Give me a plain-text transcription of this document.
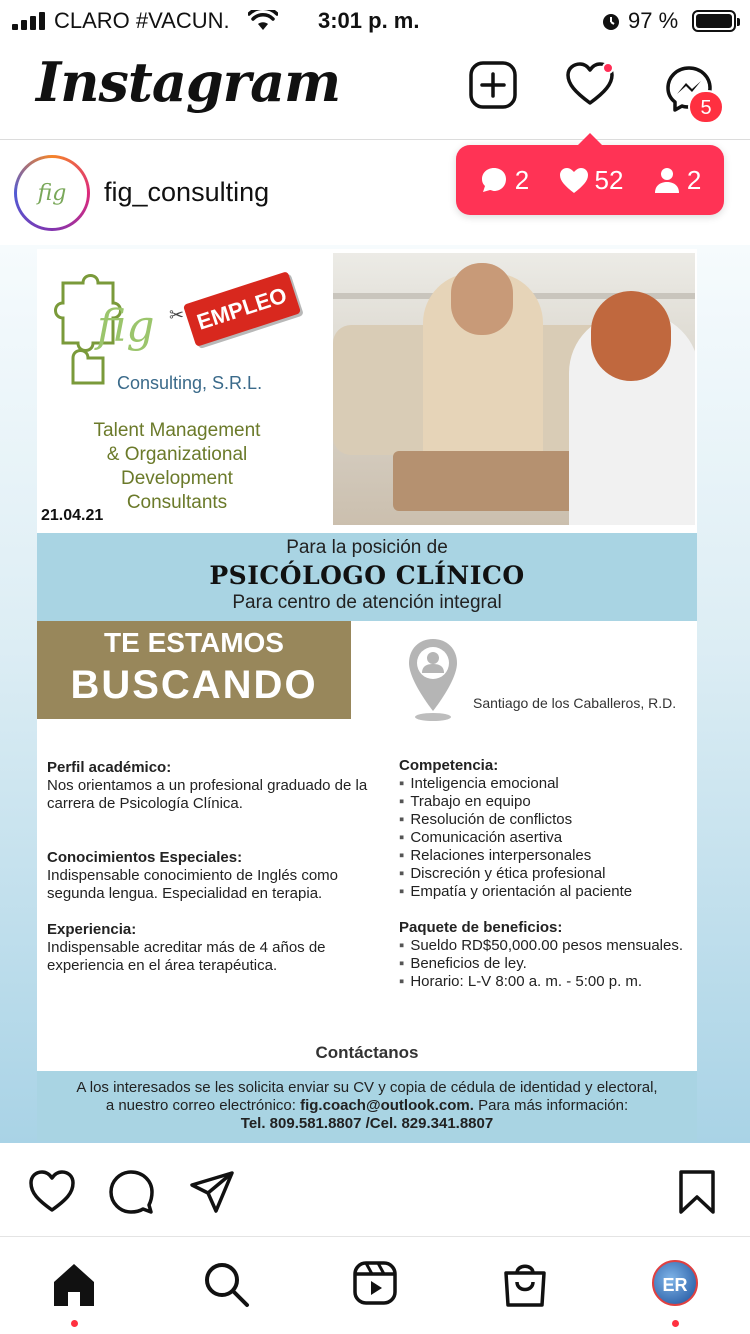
CLARO #VACUN.	3:01 p. m.	97 %
Instagram	5
fig	fig_consulting	2	52 2
fig
Consulting, S.R.L.
✂ EMPLEO
Talent Management
& Organizational
Development
Consultants
21.04.21
Para la posición de
PSICÓLOGO CLÍNICO
Para centro de atención integral
TE ESTAMOS
BUSCANDO	Santiago de los Caballeros, R.D.
Perfil académico:
Nos orientamos a un profesional graduado de la carrera de Psicología Clínica.
Conocimientos Especiales:
Indispensable conocimiento de Inglés como segunda lengua. Especialidad en terapia.
Experiencia:
Indispensable acreditar más de 4 años de experiencia en el área terapéutica.
Competencia:
▪ Inteligencia emocional
▪ Trabajo en equipo
▪ Resolución de conflictos
▪ Comunicación asertiva
▪ Relaciones interpersonales
▪ Discreción y ética profesional
▪ Empatía y orientación al paciente
Paquete de beneficios:
▪ Sueldo RD$50,000.00 pesos mensuales.
▪ Beneficios de ley.
▪ Horario: L-V 8:00 a. m. - 5:00 p. m.
Contáctanos
A los interesados se les solicita enviar su CV y copia de cédula de identidad y electoral,
a nuestro correo electrónico: fig.coach@outlook.com. Para más información:
Tel. 809.581.8807 /Cel. 829.341.8807
ER
